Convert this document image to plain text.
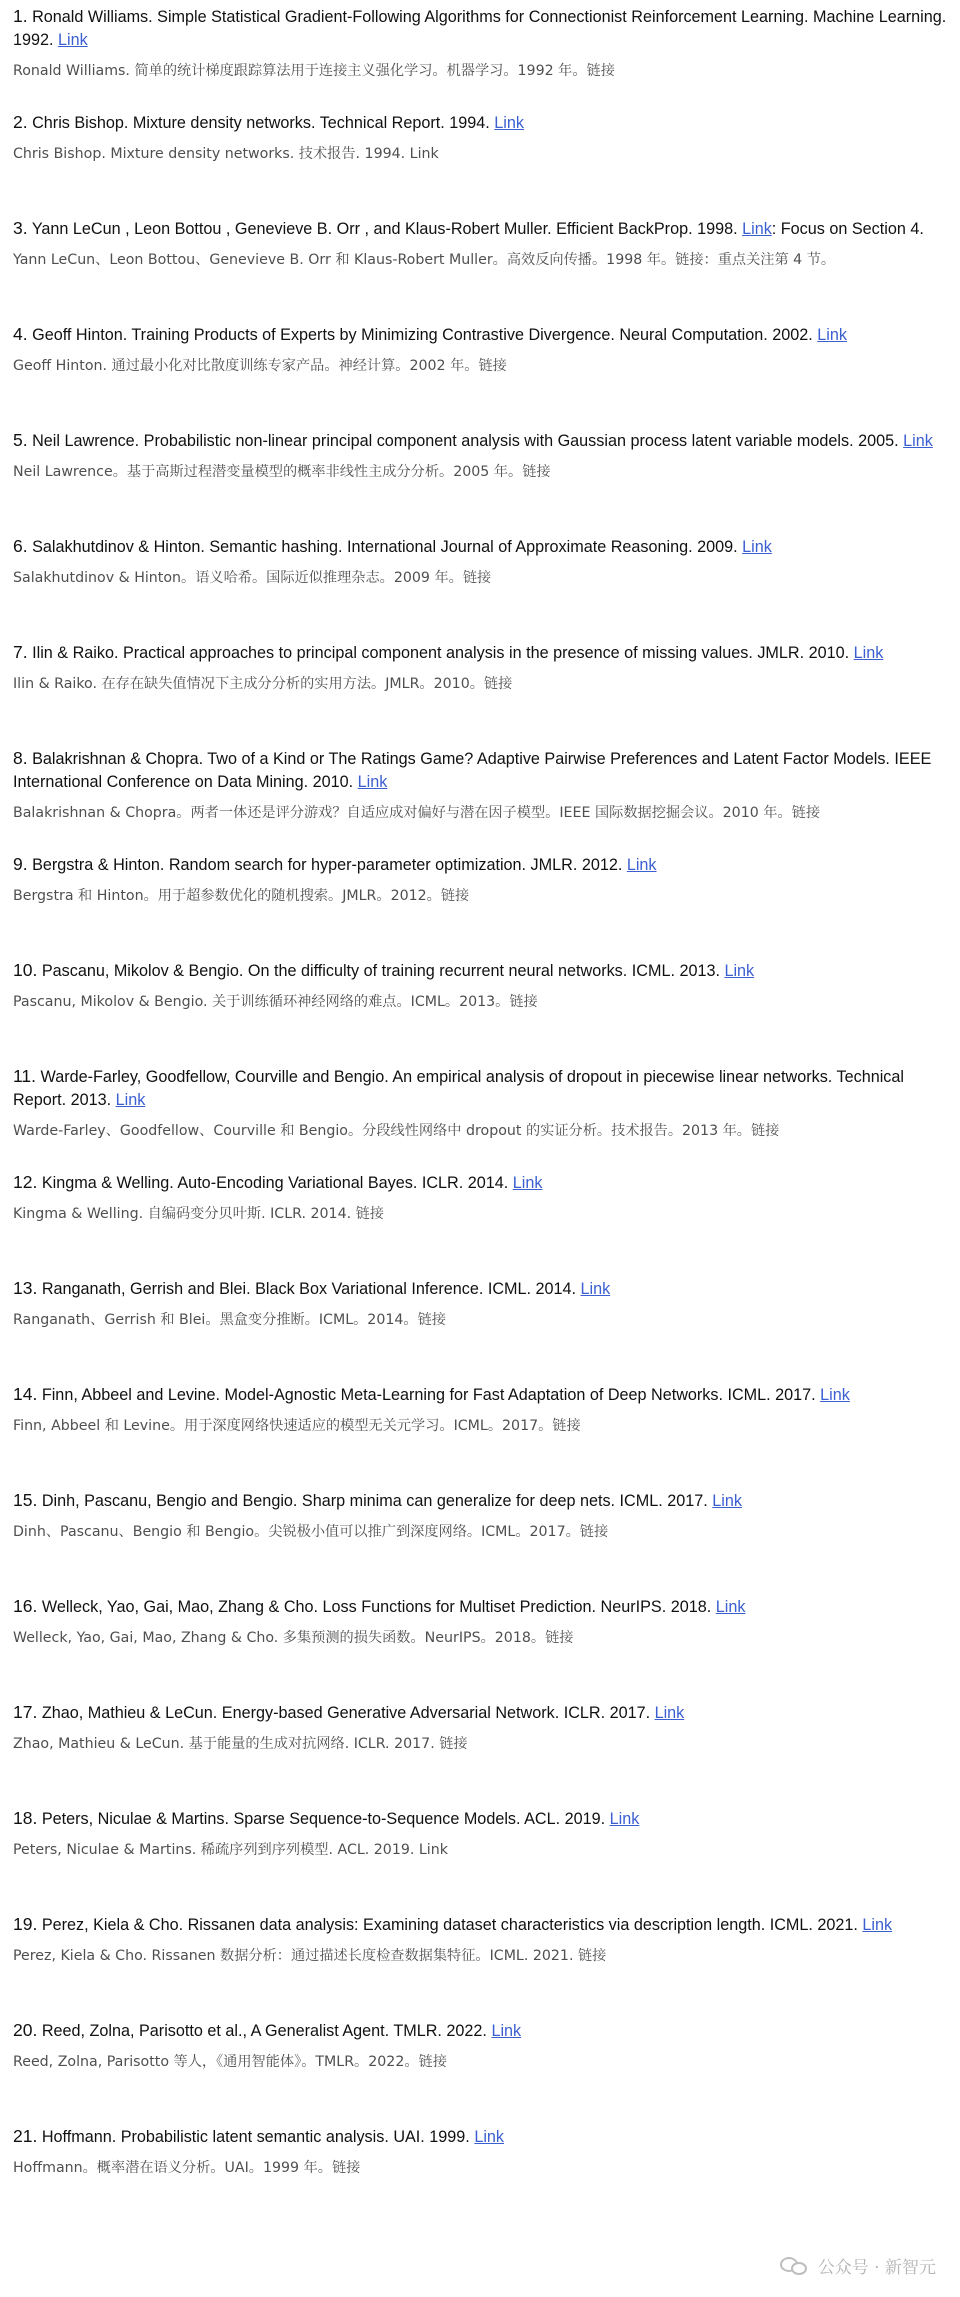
1. Ronald Williams. Simple Statistical Gradient-Following Algorithms for Connectionist Reinforcement Learning. Machine Learning. 1992. Link

Ronald Williams. 简单的统计梯度跟踪算法用于连接主义强化学习。机器学习。1992 年。链接

2. Chris Bishop. Mixture density networks. Technical Report. 1994. Link

Chris Bishop. Mixture density networks. 技术报告. 1994. Link

3. Yann LeCun , Leon Bottou , Genevieve B. Orr , and Klaus-Robert Muller. Efficient BackProp. 1998. Link: Focus on Section 4.

Yann LeCun、Leon Bottou、Genevieve B. Orr 和 Klaus-Robert Muller。高效反向传播。1998 年。链接：重点关注第 4 节。

4. Geoff Hinton. Training Products of Experts by Minimizing Contrastive Divergence. Neural Computation. 2002. Link

Geoff Hinton. 通过最小化对比散度训练专家产品。神经计算。2002 年。链接

5. Neil Lawrence. Probabilistic non-linear principal component analysis with Gaussian process latent variable models. 2005. Link

Neil Lawrence。基于高斯过程潜变量模型的概率非线性主成分分析。2005 年。链接

6. Salakhutdinov & Hinton. Semantic hashing. International Journal of Approximate Reasoning. 2009. Link

Salakhutdinov & Hinton。语义哈希。国际近似推理杂志。2009 年。链接

7. Ilin & Raiko. Practical approaches to principal component analysis in the presence of missing values. JMLR. 2010. Link

Ilin & Raiko. 在存在缺失值情况下主成分分析的实用方法。JMLR。2010。链接

8. Balakrishnan & Chopra. Two of a Kind or The Ratings Game? Adaptive Pairwise Preferences and Latent Factor Models. IEEE International Conference on Data Mining. 2010. Link

Balakrishnan & Chopra。两者一体还是评分游戏？自适应成对偏好与潜在因子模型。IEEE 国际数据挖掘会议。2010 年。链接

9. Bergstra & Hinton. Random search for hyper-parameter optimization. JMLR. 2012. Link

Bergstra 和 Hinton。用于超参数优化的随机搜索。JMLR。2012。链接

10. Pascanu, Mikolov & Bengio. On the difficulty of training recurrent neural networks. ICML. 2013. Link

Pascanu, Mikolov & Bengio. 关于训练循环神经网络的难点。ICML。2013。链接

11. Warde-Farley, Goodfellow, Courville and Bengio. An empirical analysis of dropout in piecewise linear networks. Technical Report. 2013. Link

Warde-Farley、Goodfellow、Courville 和 Bengio。分段线性网络中 dropout 的实证分析。技术报告。2013 年。链接

12. Kingma & Welling. Auto-Encoding Variational Bayes. ICLR. 2014. Link

Kingma & Welling. 自编码变分贝叶斯. ICLR. 2014. 链接

13. Ranganath, Gerrish and Blei. Black Box Variational Inference. ICML. 2014. Link

Ranganath、Gerrish 和 Blei。黑盒变分推断。ICML。2014。链接

14. Finn, Abbeel and Levine. Model-Agnostic Meta-Learning for Fast Adaptation of Deep Networks. ICML. 2017. Link

Finn, Abbeel 和 Levine。用于深度网络快速适应的模型无关元学习。ICML。2017。链接

15. Dinh, Pascanu, Bengio and Bengio. Sharp minima can generalize for deep nets. ICML. 2017. Link

Dinh、Pascanu、Bengio 和 Bengio。尖锐极小值可以推广到深度网络。ICML。2017。链接

16. Welleck, Yao, Gai, Mao, Zhang & Cho. Loss Functions for Multiset Prediction. NeurIPS. 2018. Link

Welleck, Yao, Gai, Mao, Zhang & Cho. 多集预测的损失函数。NeurIPS。2018。链接

17. Zhao, Mathieu & LeCun. Energy-based Generative Adversarial Network. ICLR. 2017. Link

Zhao, Mathieu & LeCun. 基于能量的生成对抗网络. ICLR. 2017. 链接

18. Peters, Niculae & Martins. Sparse Sequence-to-Sequence Models. ACL. 2019. Link

Peters, Niculae & Martins. 稀疏序列到序列模型. ACL. 2019. Link

19. Perez, Kiela & Cho. Rissanen data analysis: Examining dataset characteristics via description length. ICML. 2021. Link

Perez, Kiela & Cho. Rissanen 数据分析：通过描述长度检查数据集特征。ICML. 2021. 链接

20. Reed, Zolna, Parisotto et al., A Generalist Agent. TMLR. 2022. Link

Reed, Zolna, Parisotto 等人，《通用智能体》。TMLR。2022。链接

21. Hoffmann. Probabilistic latent semantic analysis. UAI. 1999. Link

Hoffmann。概率潜在语义分析。UAI。1999 年。链接

公众号 · 新智元
